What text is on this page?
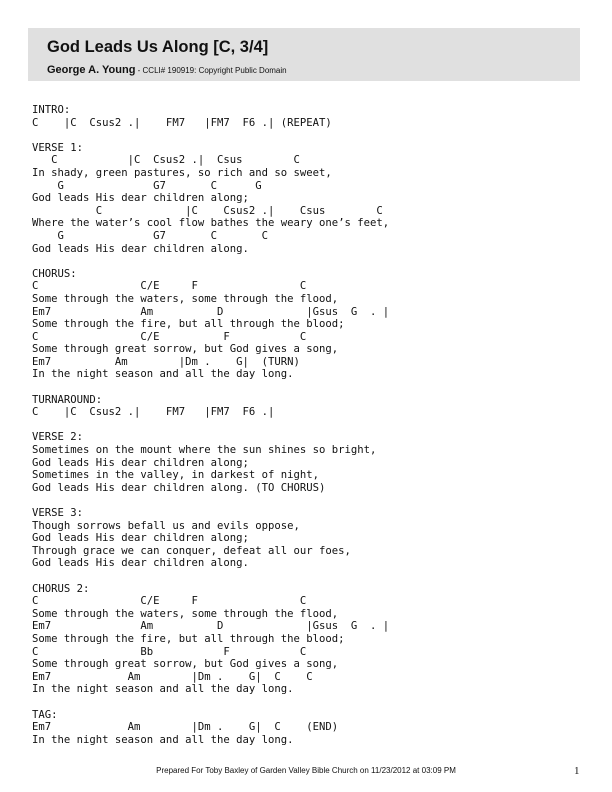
God Leads Us Along [C, 3/4]
George A. Young - CCLI# 190919: Copyright Public Domain
INTRO:
C    |C  Csus2 .|    FM7   |FM7  F6 .| (REPEAT)
VERSE 1:
C           |C  Csus2 .|  Csus        C
In shady, green pastures, so rich and so sweet,
G              G7       C      G
God leads His dear children along;
C             |C    Csus2 .|    Csus        C
Where the water’s cool flow bathes the weary one’s feet,
G              G7       C       C
God leads His dear children along.
CHORUS:
C                C/E     F                C
Some through the waters, some through the flood,
Em7              Am          D             |Gsus  G  . |
Some through the fire, but all through the blood;
C                C/E          F           C
Some through great sorrow, but God gives a song,
Em7          Am        |Dm .    G|  (TURN)
In the night season and all the day long.
TURNAROUND:
C    |C  Csus2 .|    FM7   |FM7  F6 .|
VERSE 2:
Sometimes on the mount where the sun shines so bright,
God leads His dear children along;
Sometimes in the valley, in darkest of night,
God leads His dear children along. (TO CHORUS)
VERSE 3:
Though sorrows befall us and evils oppose,
God leads His dear children along;
Through grace we can conquer, defeat all our foes,
God leads His dear children along.
CHORUS 2:
C                C/E     F                C
Some through the waters, some through the flood,
Em7              Am          D             |Gsus  G  . |
Some through the fire, but all through the blood;
C                Bb           F           C
Some through great sorrow, but God gives a song,
Em7            Am        |Dm .    G|  C    C
In the night season and all the day long.
TAG:
Em7            Am        |Dm .    G|  C    (END)
In the night season and all the day long.
Prepared For Toby Baxley of Garden Valley Bible Church on 11/23/2012 at 03:09 PM	1
